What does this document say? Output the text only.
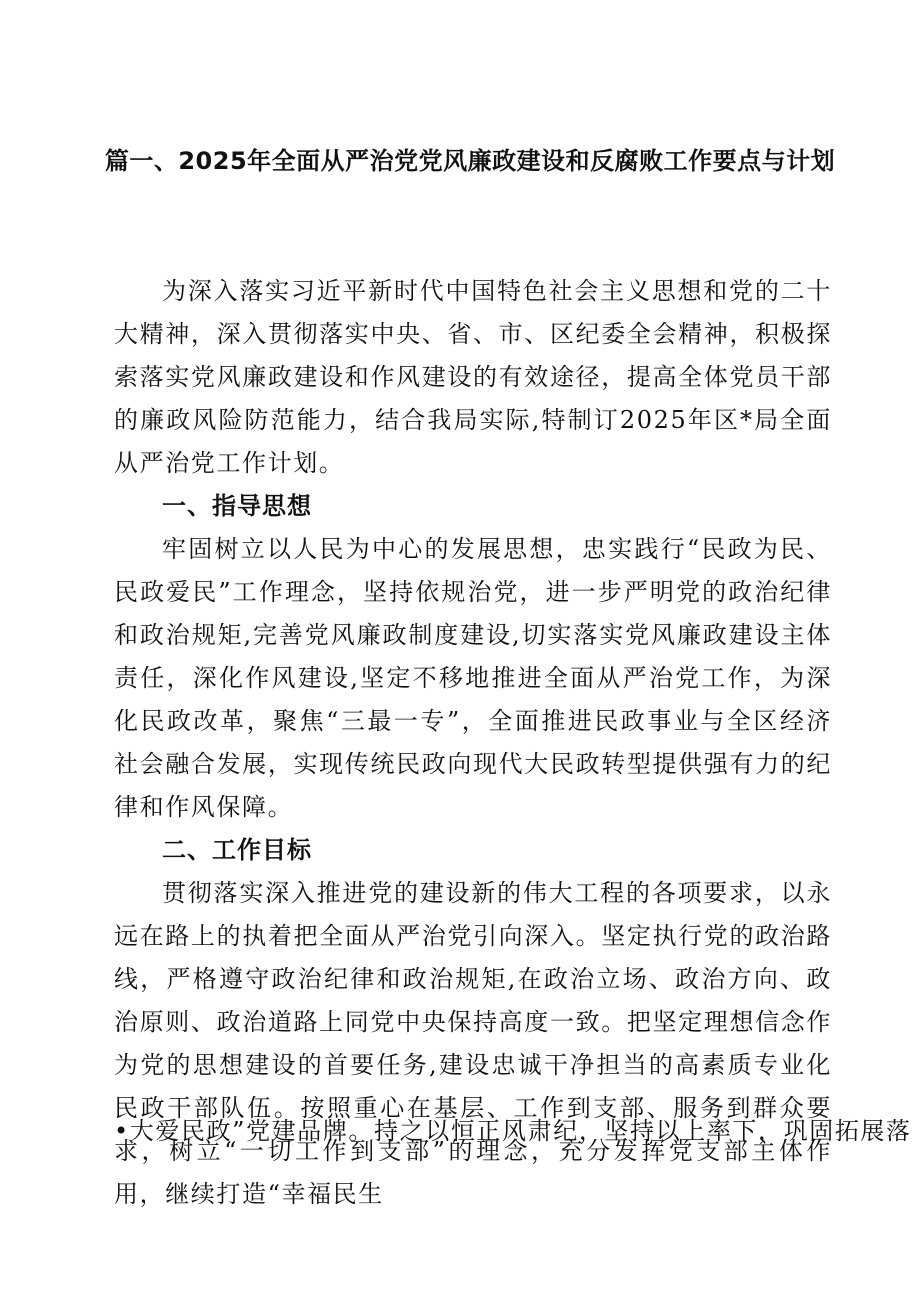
篇一、2025年全面从严治党党风廉政建设和反腐败工作要点与计划

为深入落实习近平新时代中国特色社会主义思想和党的二十大精神，深入贯彻落实中央、省、市、区纪委全会精神，积极探索落实党风廉政建设和作风建设的有效途径，提高全体党员干部的廉政风险防范能力，结合我局实际,特制订2025年区*局全面从严治党工作计划。

一、指导思想

牢固树立以人民为中心的发展思想，忠实践行“民政为民、民政爱民”工作理念，坚持依规治党，进一步严明党的政治纪律和政治规矩,完善党风廉政制度建设,切实落实党风廉政建设主体责任，深化作风建设,坚定不移地推进全面从严治党工作，为深化民政改革，聚焦“三最一专”，全面推进民政事业与全区经济社会融合发展，实现传统民政向现代大民政转型提供强有力的纪律和作风保障。

二、工作目标

贯彻落实深入推进党的建设新的伟大工程的各项要求，以永远在路上的执着把全面从严治党引向深入。坚定执行党的政治路线，严格遵守政治纪律和政治规矩,在政治立场、政治方向、政治原则、政治道路上同党中央保持高度一致。把坚定理想信念作为党的思想建设的首要任务,建设忠诚干净担当的高素质专业化民政干部队伍。按照重心在基层、工作到支部、服务到群众要求，树立“一切工作到支部”的理念，充分发挥党支部主体作用，继续打造“幸福民生

•大爱民政”党建品牌。持之以恒正风肃纪，坚持以上率下，巩固拓展落
